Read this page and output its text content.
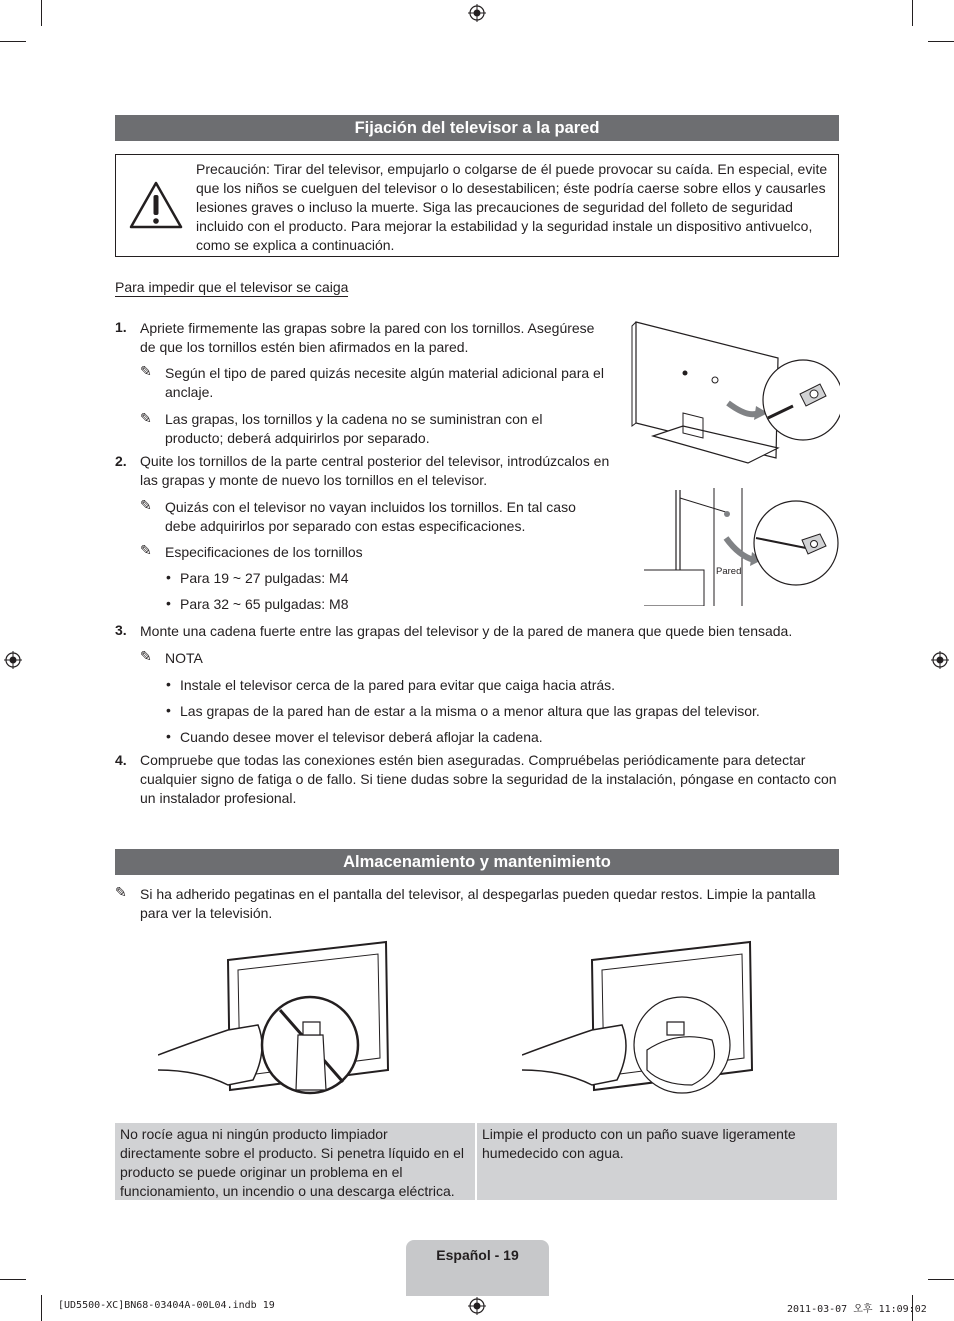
Fijación del televisor a la pared
Precaución: Tirar del televisor, empujarlo o colgarse de él puede provocar su caída. En especial, evite que los niños se cuelguen del televisor o lo desestabilicen; éste podría caerse sobre ellos y causarles lesiones graves o incluso la muerte. Siga las precauciones de seguridad del folleto de seguridad incluido con el producto. Para mejorar la estabilidad y la seguridad instale un dispositivo antivuelco, como se explica a continuación.
Para impedir que el televisor se caiga
1. Apriete firmemente las grapas sobre la pared con los tornillos. Asegúrese de que los tornillos estén bien afirmados en la pared.
✎ Según el tipo de pared quizás necesite algún material adicional para el anclaje.
✎ Las grapas, los tornillos y la cadena no se suministran con el producto; deberá adquirirlos por separado.
2. Quite los tornillos de la parte central posterior del televisor, introdúzcalos en las grapas y monte de nuevo los tornillos en el televisor.
✎ Quizás con el televisor no vayan incluidos los tornillos. En tal caso debe adquirirlos por separado con estas especificaciones.
✎ Especificaciones de los tornillos
• Para 19 ~ 27 pulgadas: M4
• Para 32 ~ 65 pulgadas: M8
3. Monte una cadena fuerte entre las grapas del televisor y de la pared de manera que quede bien tensada.
✎ NOTA
• Instale el televisor cerca de la pared para evitar que caiga hacia atrás.
• Las grapas de la pared han de estar a la misma o a menor altura que las grapas del televisor.
• Cuando desee mover el televisor deberá aflojar la cadena.
4. Compruebe que todas las conexiones estén bien aseguradas. Compruébelas periódicamente para detectar cualquier signo de fatiga o de fallo. Si tiene dudas sobre la seguridad de la instalación, póngase en contacto con un instalador profesional.
Pared
Almacenamiento y mantenimiento
✎ Si ha adherido pegatinas en el pantalla del televisor, al despegarlas pueden quedar restos. Limpie la pantalla para ver la televisión.
No rocíe agua ni ningún producto limpiador directamente sobre el producto. Si penetra líquido en el producto se puede originar un problema en el funcionamiento, un incendio o una descarga eléctrica.
Limpie el producto con un paño suave ligeramente humedecido con agua.
Español - 19
[UD5500-XC]BN68-03404A-00L04.indb 19	2011-03-07 오후 11:09:02
